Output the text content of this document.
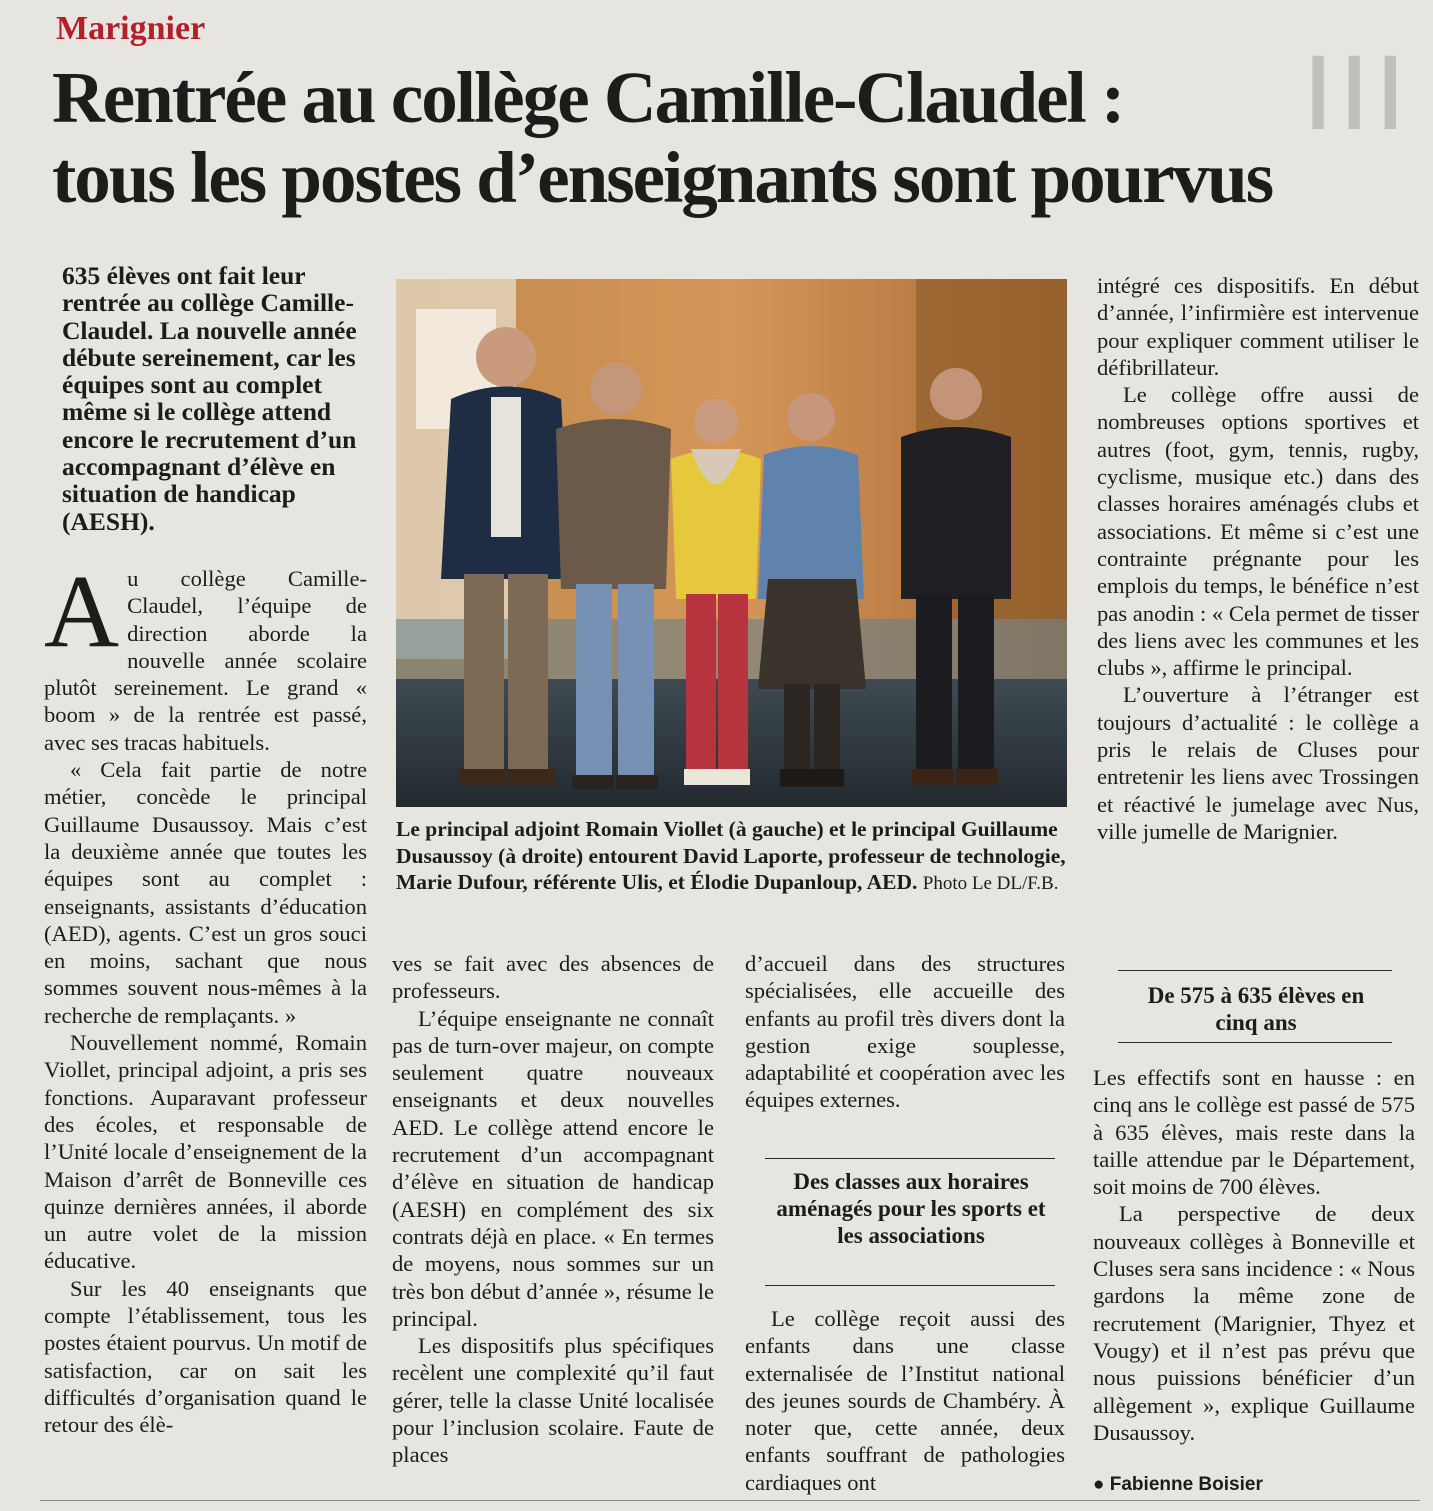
┃┃┃
Marignier
Rentrée au collège Camille-Claudel :
tous les postes d’enseignants sont pourvus

635 élèves ont fait leur rentrée au collège Camille-Claudel. La nouvelle année débute sereinement, car les équipes sont au complet même si le collège attend encore le recrutement d’un accompagnant d’élève en situation de handicap (AESH).

Au collège Camille-Claudel, l’équipe de direction aborde la nouvelle année scolaire plutôt sereinement. Le grand « boom » de la rentrée est passé, avec ses tracas habituels.

« Cela fait partie de notre métier, concède le principal Guillaume Dusaussoy. Mais c’est la deuxième année que toutes les équipes sont au complet : enseignants, assistants d’éducation (AED), agents. C’est un gros souci en moins, sachant que nous sommes souvent nous-mêmes à la recherche de remplaçants. »

Nouvellement nommé, Romain Viollet, principal adjoint, a pris ses fonctions. Auparavant professeur des écoles, et responsable de l’Unité locale d’enseignement de la Maison d’arrêt de Bonneville ces quinze dernières années, il aborde un autre volet de la mission éducative.

Sur les 40 enseignants que compte l’établissement, tous les postes étaient pourvus. Un motif de satisfaction, car on sait les difficultés d’organisation quand le retour des élè-

Le principal adjoint Romain Viollet (à gauche) et le principal Guillaume Dusaussoy (à droite) entourent David Laporte, professeur de technologie, Marie Dufour, référente Ulis, et Élodie Dupanloup, AED. Photo Le DL/F.B.

ves se fait avec des absences de professeurs.

L’équipe enseignante ne connaît pas de turn-over majeur, on compte seulement quatre nouveaux enseignants et deux nouvelles AED. Le collège attend encore le recrutement d’un accompagnant d’élève en situation de handicap (AESH) en complément des six contrats déjà en place. « En termes de moyens, nous sommes sur un très bon début d’année », résume le principal.

Les dispositifs plus spécifiques recèlent une complexité qu’il faut gérer, telle la classe Unité localisée pour l’inclusion scolaire. Faute de places

d’accueil dans des structures spécialisées, elle accueille des enfants au profil très divers dont la gestion exige souplesse, adaptabilité et coopération avec les équipes externes.

Des classes aux horaires aménagés pour les sports et les associations

Le collège reçoit aussi des enfants dans une classe externalisée de l’Institut national des jeunes sourds de Chambéry. À noter que, cette année, deux enfants souffrant de pathologies cardiaques ont

intégré ces dispositifs. En début d’année, l’infirmière est intervenue pour expliquer comment utiliser le défibrillateur.

Le collège offre aussi de nombreuses options sportives et autres (foot, gym, tennis, rugby, cyclisme, musique etc.) dans des classes horaires aménagés clubs et associations. Et même si c’est une contrainte prégnante pour les emplois du temps, le bénéfice n’est pas anodin : « Cela permet de tisser des liens avec les communes et les clubs », affirme le principal.

L’ouverture à l’étranger est toujours d’actualité : le collège a pris le relais de Cluses pour entretenir les liens avec Trossingen et réactivé le jumelage avec Nus, ville jumelle de Marignier.

De 575 à 635 élèves en cinq ans

Les effectifs sont en hausse : en cinq ans le collège est passé de 575 à 635 élèves, mais reste dans la taille attendue par le Département, soit moins de 700 élèves.

La perspective de deux nouveaux collèges à Bonneville et Cluses sera sans incidence : « Nous gardons la même zone de recrutement (Marignier, Thyez et Vougy) et il n’est pas prévu que nous puissions bénéficier d’un allègement », explique Guillaume Dusaussoy.

● Fabienne Boisier
